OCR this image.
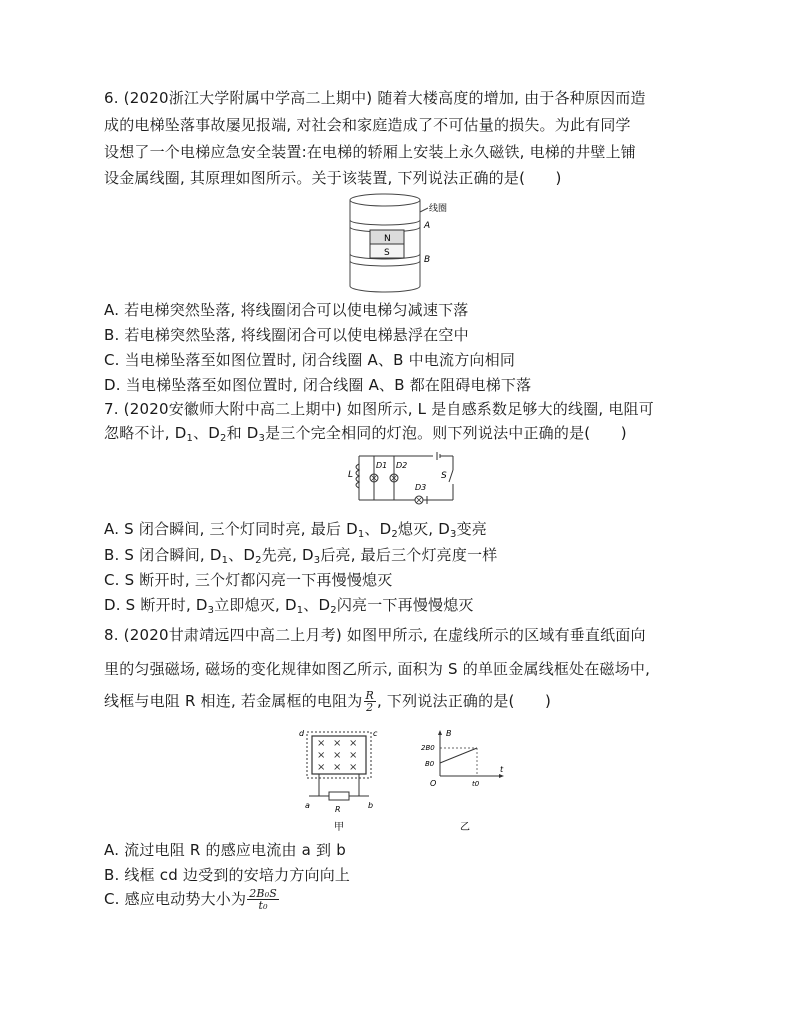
6. (2020浙江大学附属中学高二上期中) 随着大楼高度的增加, 由于各种原因而造
成的电梯坠落事故屡见报端, 对社会和家庭造成了不可估量的损失。为此有同学
设想了一个电梯应急安全装置:在电梯的轿厢上安装上永久磁铁, 电梯的井壁上铺
设金属线圈, 其原理如图所示。关于该装置, 下列说法正确的是(　　)
N
S
线圈
A
B
A. 若电梯突然坠落, 将线圈闭合可以使电梯匀减速下落
B. 若电梯突然坠落, 将线圈闭合可以使电梯悬浮在空中
C. 当电梯坠落至如图位置时, 闭合线圈 A、B 中电流方向相同
D. 当电梯坠落至如图位置时, 闭合线圈 A、B 都在阻碍电梯下落
7. (2020安徽师大附中高二上期中) 如图所示, L 是自感系数足够大的线圈, 电阻可
忽略不计, $D_1$、$D_2$和 $D_3$是三个完全相同的灯泡。则下列说法中正确的是(　　)
L
D1 D2
D3
S
A. S 闭合瞬间, 三个灯同时亮, 最后 $D_1$、$D_2$熄灭, $D_3$变亮
B. S 闭合瞬间, $D_1$、$D_2$先亮, $D_3$后亮, 最后三个灯亮度一样
C. S 断开时, 三个灯都闪亮一下再慢慢熄灭
D. S 断开时, $D_3$立即熄灭, $D_1$、$D_2$闪亮一下再慢慢熄灭
8. (2020甘肃靖远四中高二上月考) 如图甲所示, 在虚线所示的区域有垂直纸面向
里的匀强磁场, 磁场的变化规律如图乙所示, 面积为 S 的单匝金属线框处在磁场中,
线框与电阻 R 相连, 若金属框的电阻为 $\frac{R}{2}$ , 下列说法正确的是(　　)
× × ×
× × ×
× × ×
d	c
a	b
R
甲
B
t
2B0
B0
O	t0
乙
A. 流过电阻 R 的感应电流由 a 到 b
B. 线框 cd 边受到的安培力方向向上
C. 感应电动势大小为 $\frac{\text{2B₀S}}{\text{t₀}}$
